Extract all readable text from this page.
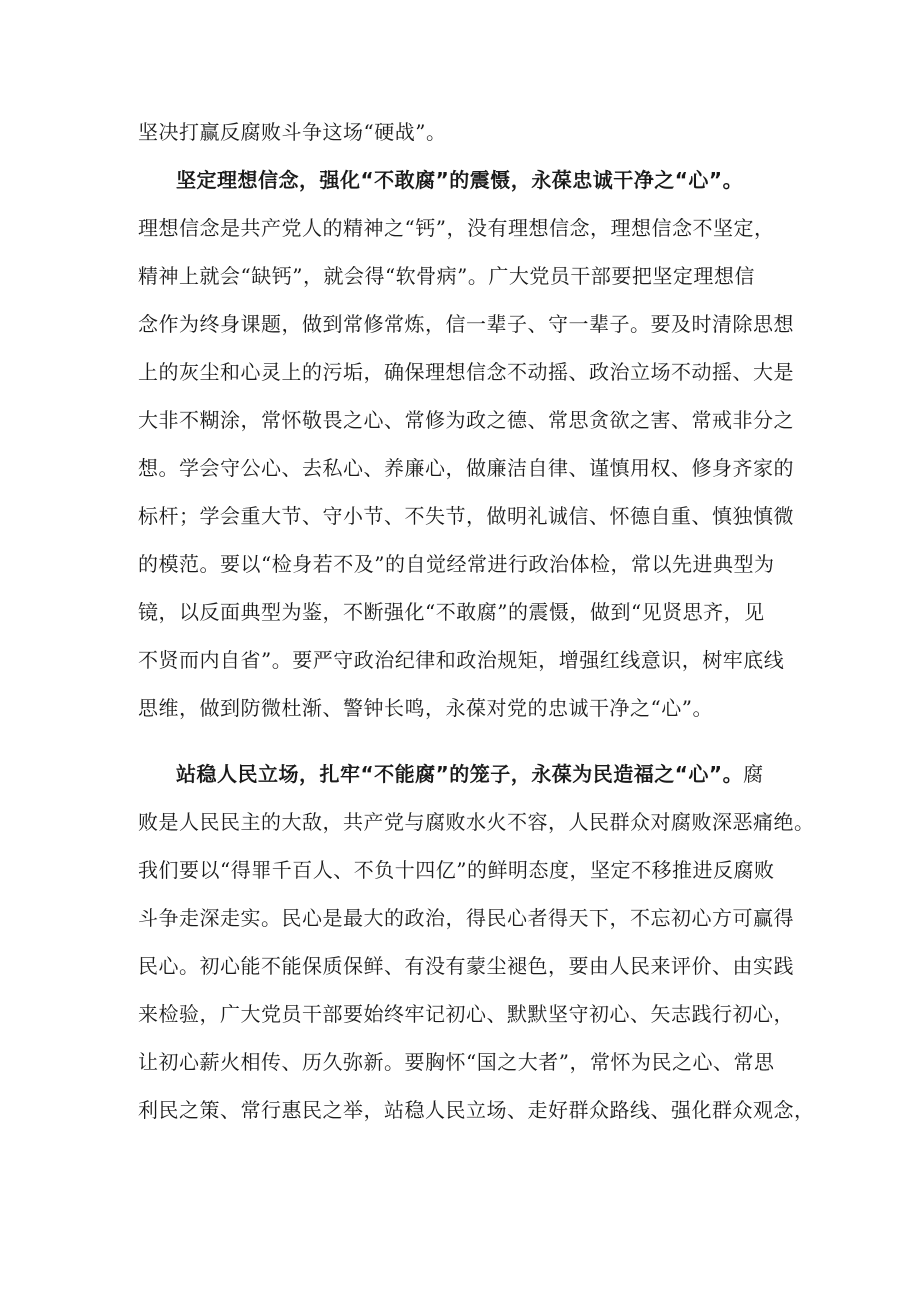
坚决打赢反腐败斗争这场“硬战”。
坚定理想信念，强化“不敢腐”的震慑，永葆忠诚干净之“心”。
理想信念是共产党人的精神之“钙”，没有理想信念，理想信念不坚定，
精神上就会“缺钙”，就会得“软骨病”。广大党员干部要把坚定理想信
念作为终身课题，做到常修常炼，信一辈子、守一辈子。要及时清除思想
上的灰尘和心灵上的污垢，确保理想信念不动摇、政治立场不动摇、大是
大非不糊涂，常怀敬畏之心、常修为政之德、常思贪欲之害、常戒非分之
想。学会守公心、去私心、养廉心，做廉洁自律、谨慎用权、修身齐家的
标杆；学会重大节、守小节、不失节，做明礼诚信、怀德自重、慎独慎微
的模范。要以“检身若不及”的自觉经常进行政治体检，常以先进典型为
镜，以反面典型为鉴，不断强化“不敢腐”的震慑，做到“见贤思齐，见
不贤而内自省”。要严守政治纪律和政治规矩，增强红线意识，树牢底线
思维，做到防微杜渐、警钟长鸣，永葆对党的忠诚干净之“心”。
站稳人民立场，扎牢“不能腐”的笼子，永葆为民造福之“心”。腐
败是人民民主的大敌，共产党与腐败水火不容，人民群众对腐败深恶痛绝。
我们要以“得罪千百人、不负十四亿”的鲜明态度，坚定不移推进反腐败
斗争走深走实。民心是最大的政治，得民心者得天下，不忘初心方可赢得
民心。初心能不能保质保鲜、有没有蒙尘褪色，要由人民来评价、由实践
来检验，广大党员干部要始终牢记初心、默默坚守初心、矢志践行初心，
让初心薪火相传、历久弥新。要胸怀“国之大者”，常怀为民之心、常思
利民之策、常行惠民之举，站稳人民立场、走好群众路线、强化群众观念，
